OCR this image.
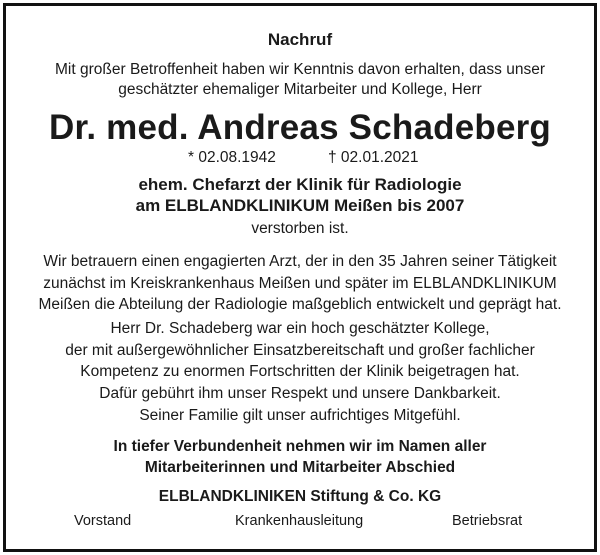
Nachruf
Mit großer Betroffenheit haben wir Kenntnis davon erhalten, dass unser
geschätzter ehemaliger Mitarbeiter und Kollege, Herr
Dr. med. Andreas Schadeberg
* 02.08.1942	† 02.01.2021
ehem. Chefarzt der Klinik für Radiologie
am ELBLANDKLINIKUM Meißen bis 2007
verstorben ist.
Wir betrauern einen engagierten Arzt, der in den 35 Jahren seiner Tätigkeit
zunächst im Kreiskrankenhaus Meißen und später im ELBLANDKLINIKUM
Meißen die Abteilung der Radiologie maßgeblich entwickelt und geprägt hat.
Herr Dr. Schadeberg war ein hoch geschätzter Kollege,
der mit außergewöhnlicher Einsatzbereitschaft und großer fachlicher
Kompetenz zu enormen Fortschritten der Klinik beigetragen hat.
Dafür gebührt ihm unser Respekt und unsere Dankbarkeit.
Seiner Familie gilt unser aufrichtiges Mitgefühl.
In tiefer Verbundenheit nehmen wir im Namen aller
Mitarbeiterinnen und Mitarbeiter Abschied
ELBLANDKLINIKEN Stiftung & Co. KG
Vorstand	Krankenhausleitung	Betriebsrat
